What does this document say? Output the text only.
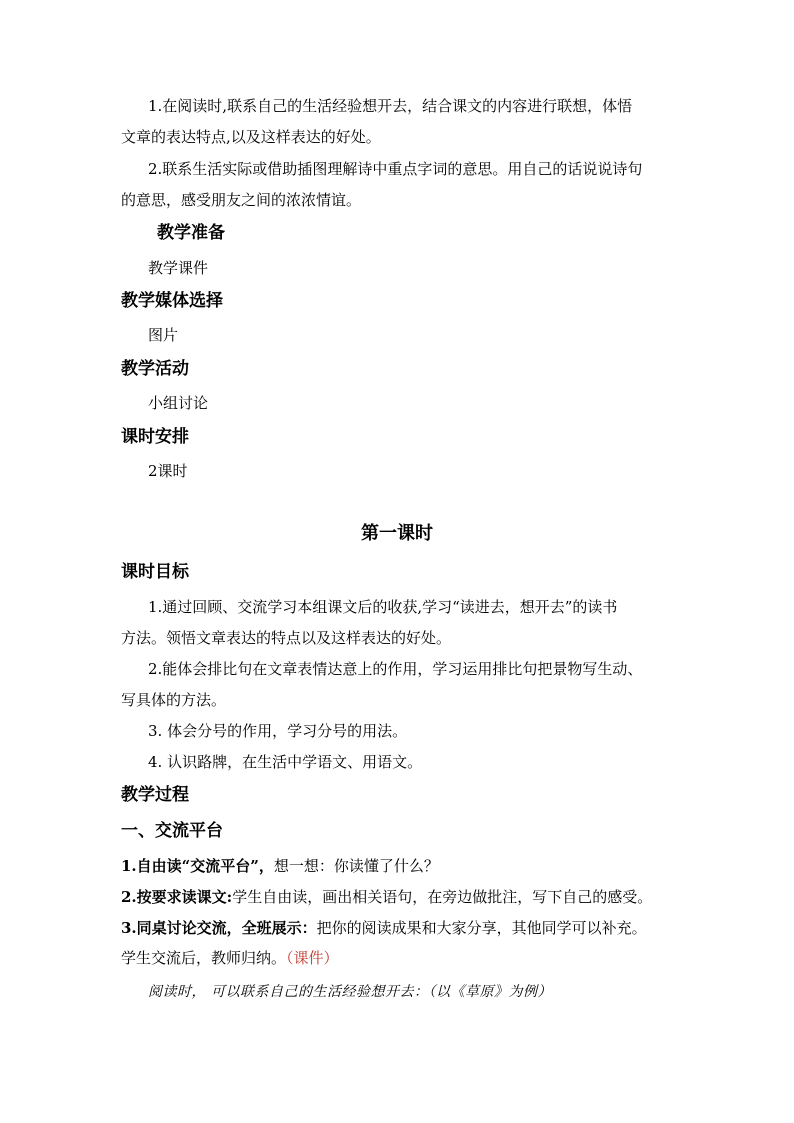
1.在阅读时,联系自己的生活经验想开去，结合课文的内容进行联想，体悟
文章的表达特点,以及这样表达的好处。
2.联系生活实际或借助插图理解诗中重点字词的意思。用自己的话说说诗句
的意思，感受朋友之间的浓浓情谊。
教学准备
教学课件
教学媒体选择
图片
教学活动
小组讨论
课时安排
2课时
第一课时
课时目标
1.通过回顾、交流学习本组课文后的收获,学习“读进去，想开去”的读书
方法。领悟文章表达的特点以及这样表达的好处。
2.能体会排比句在文章表情达意上的作用，学习运用排比句把景物写生动、
写具体的方法。
3. 体会分号的作用，学习分号的用法。
4. 认识路牌，在生活中学语文、用语文。
教学过程
一、交流平台
1.自由读“交流平台”，想一想：你读懂了什么？
2.按要求读课文:学生自由读，画出相关语句，在旁边做批注，写下自己的感受。
3.同桌讨论交流，全班展示：把你的阅读成果和大家分享，其他同学可以补充。
学生交流后，教师归纳。（课件）
阅读时， 可以联系自己的生活经验想开去：（以《草原》为例）
